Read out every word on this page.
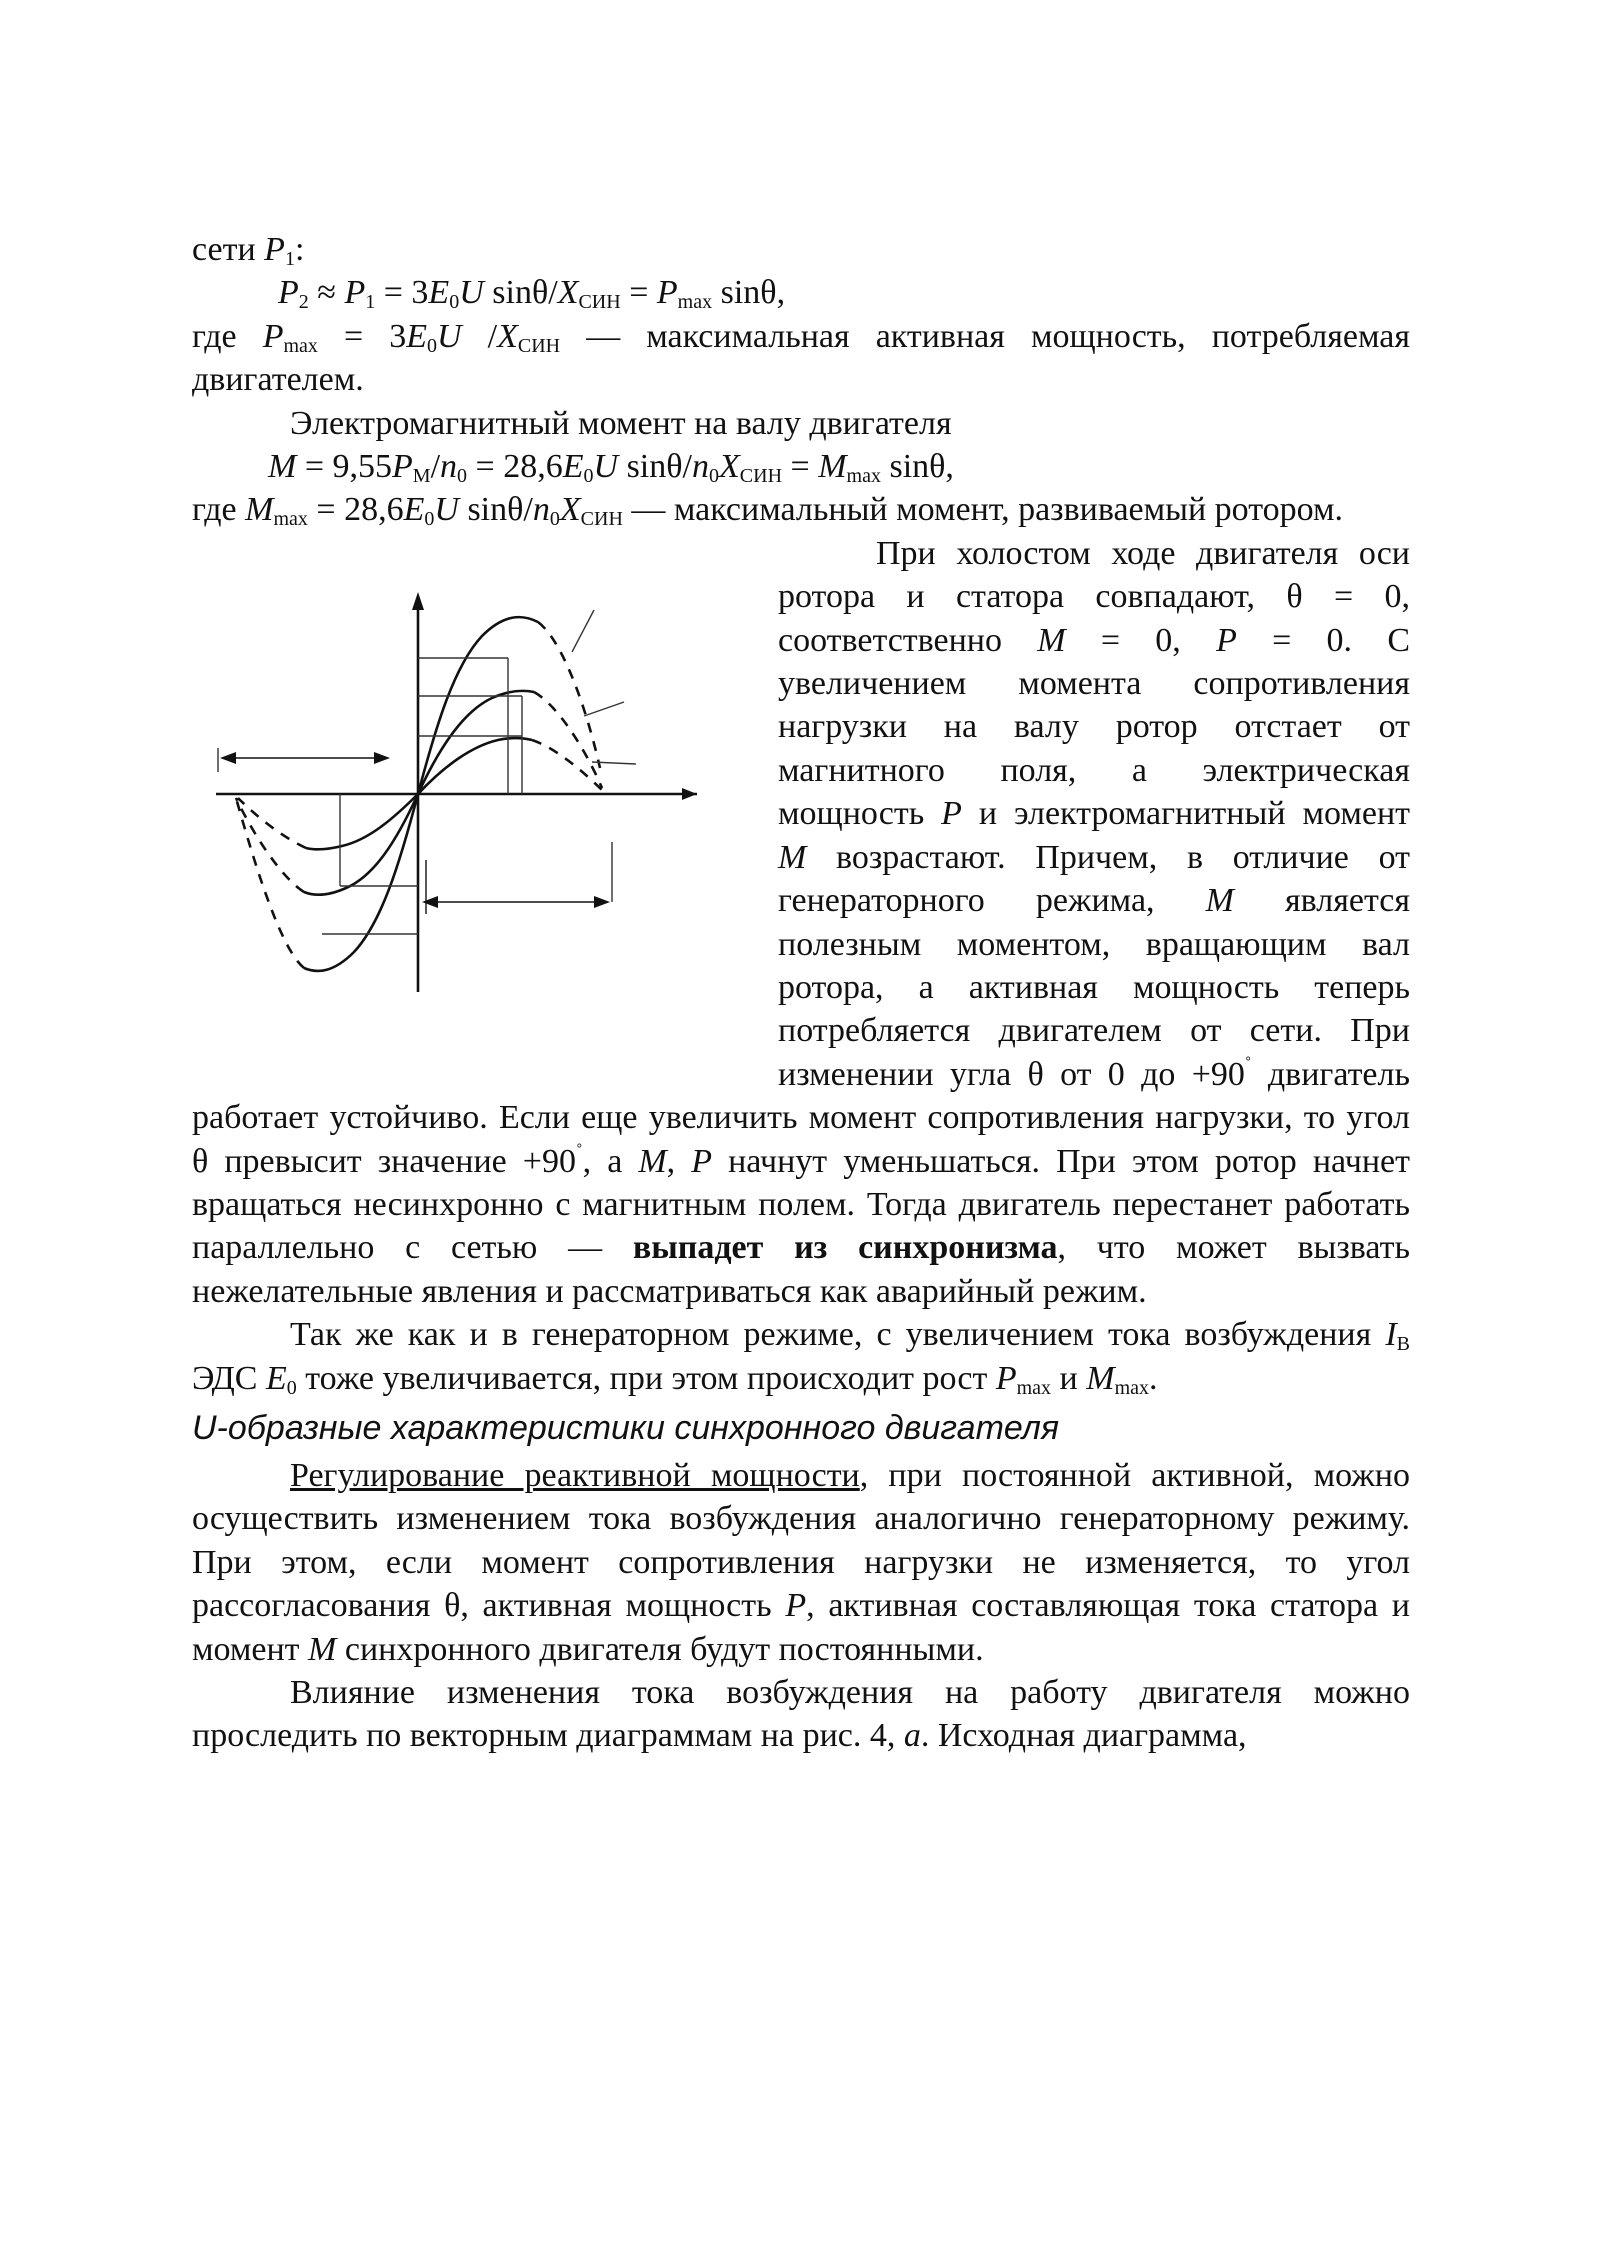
сети $P_1$:

$P_2 \approx P_1 = 3E_0U$ sinθ/$X_{СИН} = P_{max}$ sinθ,

где $P_{max} = 3E_0U$ $/X_{СИН}$ — максимальная активная мощность, потребляемая двигателем.

Электромагнитный момент на валу двигателя

$M = 9,55P_М/n_0 = 28,6E_0U$ sinθ/$n_0X_{СИН} = M_{max}$ sinθ,

где $M_{max} = 28,6E_0U$ sinθ/$n_0X_{СИН}$ — максимальный момент, развиваемый ротором.

При холостом ходе двигателя оси ротора и статора совпадают, θ = 0, соответственно M = 0, P = 0. С увеличением момента сопротивления нагрузки на валу ротор отстает от магнитного поля, а электрическая мощность P и электромагнитный момент M возрастают. Причем, в отличие от генераторного режима, M является полезным моментом, вращающим вал ротора, а активная мощность теперь потребляется двигателем от сети. При изменении угла θ от 0 до +90˚ двигатель работает устойчиво. Если еще увеличить момент сопротивления нагрузки, то угол θ превысит значение +90˚, а M, P начнут уменьшаться. При этом ротор начнет вращаться несинхронно с магнитным полем. Тогда двигатель перестанет работать параллельно с сетью — выпадет из синхронизма, что может вызвать нежелательные явления и рассматриваться как аварийный режим.

Так же как и в генераторном режиме, с увеличением тока возбуждения $I_В$ ЭДС $E_0$ тоже увеличивается, при этом происходит рост $P_{max}$ и $M_{max}$.

U-образные характеристики синхронного двигателя

Регулирование реактивной мощности, при постоянной активной, можно осуществить изменением тока возбуждения аналогично генераторному режиму. При этом, если момент сопротивления нагрузки не изменяется, то угол рассогласования θ, активная мощность P, активная составляющая тока статора и момент M синхронного двигателя будут постоянными.

Влияние изменения тока возбуждения на работу двигателя можно проследить по векторным диаграммам на рис. 4, а. Исходная диаграмма,
